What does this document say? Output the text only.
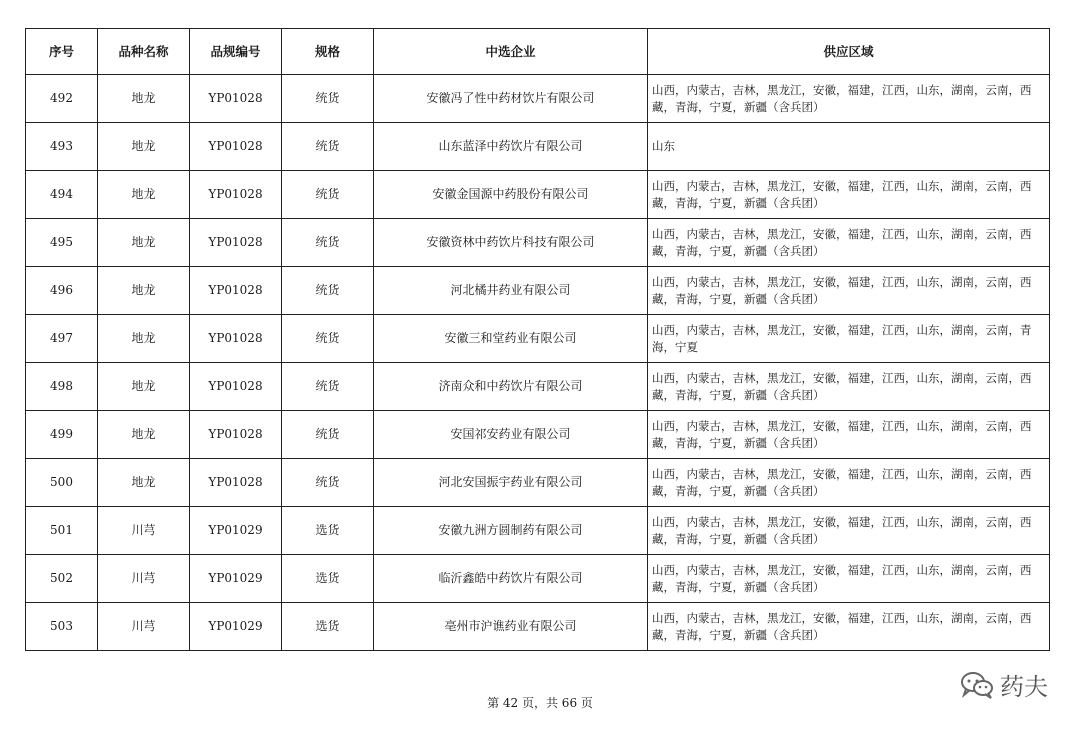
序号	品种名称	品规编号	规格	中选企业	供应区域
492	地龙	YP01028	统货	安徽冯了性中药材饮片有限公司	山西，内蒙古，吉林，黑龙江，安徽，福建，江西，山东，湖南，云南，西藏，青海，宁夏，新疆（含兵团）
493	地龙	YP01028	统货	山东蓝泽中药饮片有限公司	山东
494	地龙	YP01028	统货	安徽金国源中药股份有限公司	山西，内蒙古，吉林，黑龙江，安徽，福建，江西，山东，湖南，云南，西藏，青海，宁夏，新疆（含兵团）
495	地龙	YP01028	统货	安徽资林中药饮片科技有限公司	山西，内蒙古，吉林，黑龙江，安徽，福建，江西，山东，湖南，云南，西藏，青海，宁夏，新疆（含兵团）
496	地龙	YP01028	统货	河北橘井药业有限公司	山西，内蒙古，吉林，黑龙江，安徽，福建，江西，山东，湖南，云南，西藏，青海，宁夏，新疆（含兵团）
497	地龙	YP01028	统货	安徽三和堂药业有限公司	山西，内蒙古，吉林，黑龙江，安徽，福建，江西，山东，湖南，云南，青海，宁夏
498	地龙	YP01028	统货	济南众和中药饮片有限公司	山西，内蒙古，吉林，黑龙江，安徽，福建，江西，山东，湖南，云南，西藏，青海，宁夏，新疆（含兵团）
499	地龙	YP01028	统货	安国祁安药业有限公司	山西，内蒙古，吉林，黑龙江，安徽，福建，江西，山东，湖南，云南，西藏，青海，宁夏，新疆（含兵团）
500	地龙	YP01028	统货	河北安国振宇药业有限公司	山西，内蒙古，吉林，黑龙江，安徽，福建，江西，山东，湖南，云南，西藏，青海，宁夏，新疆（含兵团）
501	川芎	YP01029	选货	安徽九洲方圆制药有限公司	山西，内蒙古，吉林，黑龙江，安徽，福建，江西，山东，湖南，云南，西藏，青海，宁夏，新疆（含兵团）
502	川芎	YP01029	选货	临沂鑫皓中药饮片有限公司	山西，内蒙古，吉林，黑龙江，安徽，福建，江西，山东，湖南，云南，西藏，青海，宁夏，新疆（含兵团）
503	川芎	YP01029	选货	亳州市沪谯药业有限公司	山西，内蒙古，吉林，黑龙江，安徽，福建，江西，山东，湖南，云南，西藏，青海，宁夏，新疆（含兵团）
第 42 页，共 66 页
药夫
